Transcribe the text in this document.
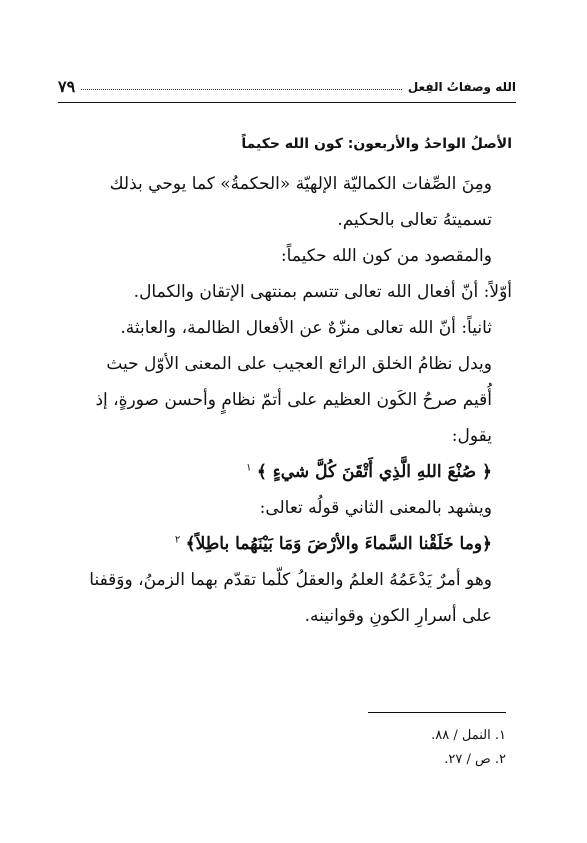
الله وصفاتُ الفِعل
٧٩

الأصلُ الواحدُ والأربعون: كون الله حكيماً

ومِنَ الصِّفات الكماليّة الإلهيّة «الحكمةُ» كما يوحي بذلك تسميتهُ تعالى بالحكيم.

والمقصود من كون الله حكيماً:

أوّلاً: أنّ أفعال الله تعالى تتسم بمنتهى الإتقان والكمال.

ثانياً: أنّ الله تعالى منزّهٌ عن الأفعال الظالمة، والعابثة.

ويدل نظامُ الخلق الرائع العجيب على المعنى الأوّل حيث أُقيم صرحُ الكَون العظيم على أتمّ نظامٍ وأحسن صورةٍ، إذ يقول:

﴿ صُنْعَ اللهِ الَّذِي أَتْقَنَ كُلَّ شيءٍ ﴾ $^١$

ويشهد بالمعنى الثاني قولُه تعالى:

﴿وما خَلَقْنا السَّماءَ والأرْضَ وَمَا بَيْنَهُما باطِلاً﴾ $^٢$

وهو أمرٌ يَدْعَمُهُ العلمُ والعقلُ كلّما تقدّم بهما الزمنُ، ووَقفنا على أسرارِ الكونِ وقوانينه.

١. النمل / ٨٨.

٢. ص / ٢٧.
